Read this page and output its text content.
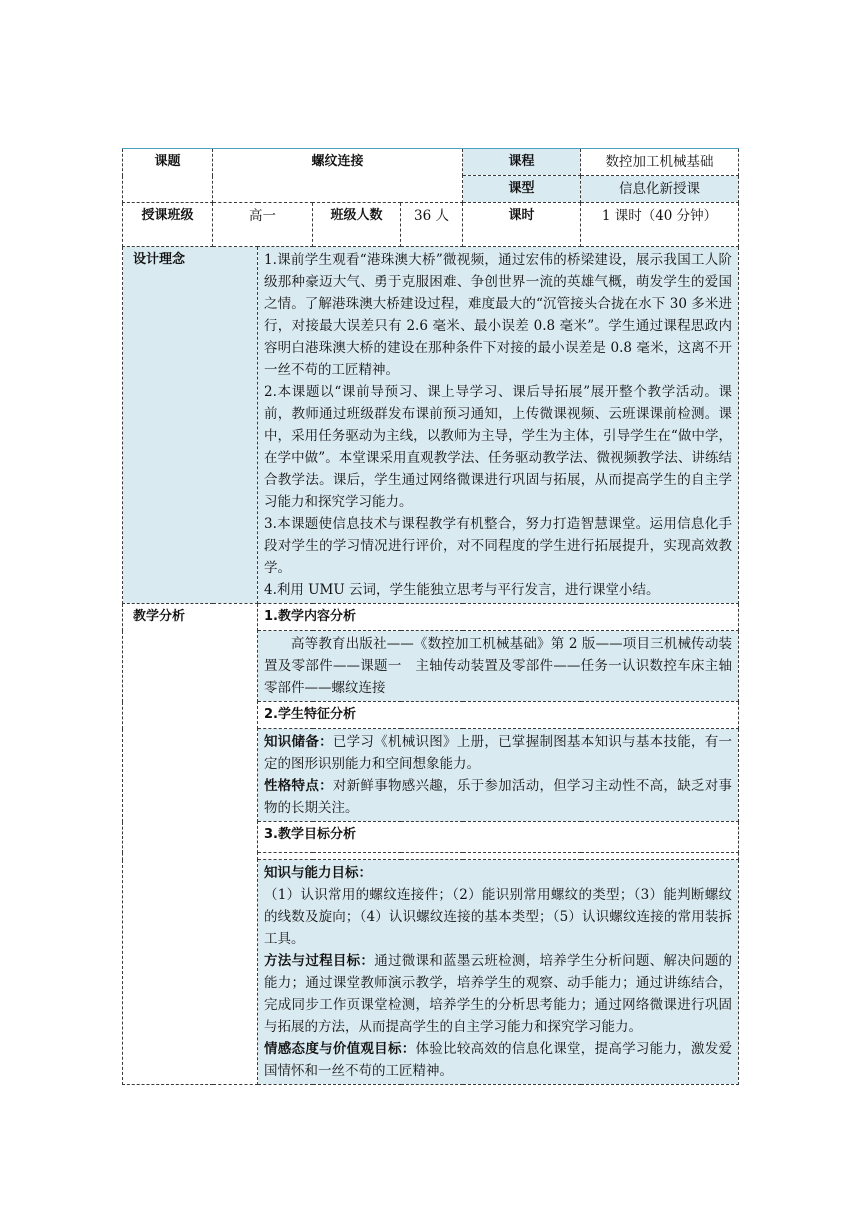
课题	螺纹连接				课程	数控加工机械基础
					课型	信息化新授课
授课班级	高一		班级人数	36 人	课时	1 课时（40 分钟）
设计理念		1.课前学生观看“港珠澳大桥”微视频，通过宏伟的桥梁建设，展示我国工人阶级那种豪迈大气、勇于克服困难、争创世界一流的英雄气概，萌发学生的爱国之情。了解港珠澳大桥建设过程，难度最大的“沉管接头合拢在水下 30 多米进行，对接最大误差只有 2.6 毫米、最小误差 0.8 毫米”。学生通过课程思政内容明白港珠澳大桥的建设在那种条件下对接的最小误差是 0.8 毫米，这离不开一丝不苟的工匠精神。
2.本课题以“课前导预习、课上导学习、课后导拓展”展开整个教学活动。课前，教师通过班级群发布课前预习通知，上传微课视频、云班课课前检测。课中，采用任务驱动为主线，以教师为主导，学生为主体，引导学生在“做中学，在学中做”。本堂课采用直观教学法、任务驱动教学法、微视频教学法、讲练结合教学法。课后，学生通过网络微课进行巩固与拓展，从而提高学生的自主学习能力和探究学习能力。
3.本课题使信息技术与课程教学有机整合，努力打造智慧课堂。运用信息化手段对学生的学习情况进行评价，对不同程度的学生进行拓展提升，实现高效教学。
4.利用 UMU 云词，学生能独立思考与平行发言，进行课堂小结。				

教学分析		1.教学内容分析				
		高等教育出版社——《数控加工机械基础》第 2 版——项目三机械传动装置及零部件——课题一　主轴传动装置及零部件——任务一认识数控车床主轴零部件——螺纹连接				
		2.学生特征分析				

		知识储备：已学习《机械识图》上册，已掌握制图基本知识与基本技能，有一定的图形识别能力和空间想象能力。
性格特点：对新鲜事物感兴趣，乐于参加活动，但学习主动性不高，缺乏对事物的长期关注。				

		3.教学目标分析				

		知识与能力目标：
（1）认识常用的螺纹连接件；（2）能识别常用螺纹的类型；（3）能判断螺纹的线数及旋向；（4）认识螺纹连接的基本类型；（5）认识螺纹连接的常用装拆工具。
方法与过程目标：通过微课和蓝墨云班检测，培养学生分析问题、解决问题的能力；通过课堂教师演示教学，培养学生的观察、动手能力；通过讲练结合，完成同步工作页课堂检测，培养学生的分析思考能力；通过网络微课进行巩固与拓展的方法，从而提高学生的自主学习能力和探究学习能力。
情感态度与价值观目标：体验比较高效的信息化课堂，提高学习能力，激发爱国情怀和一丝不苟的工匠精神。				
